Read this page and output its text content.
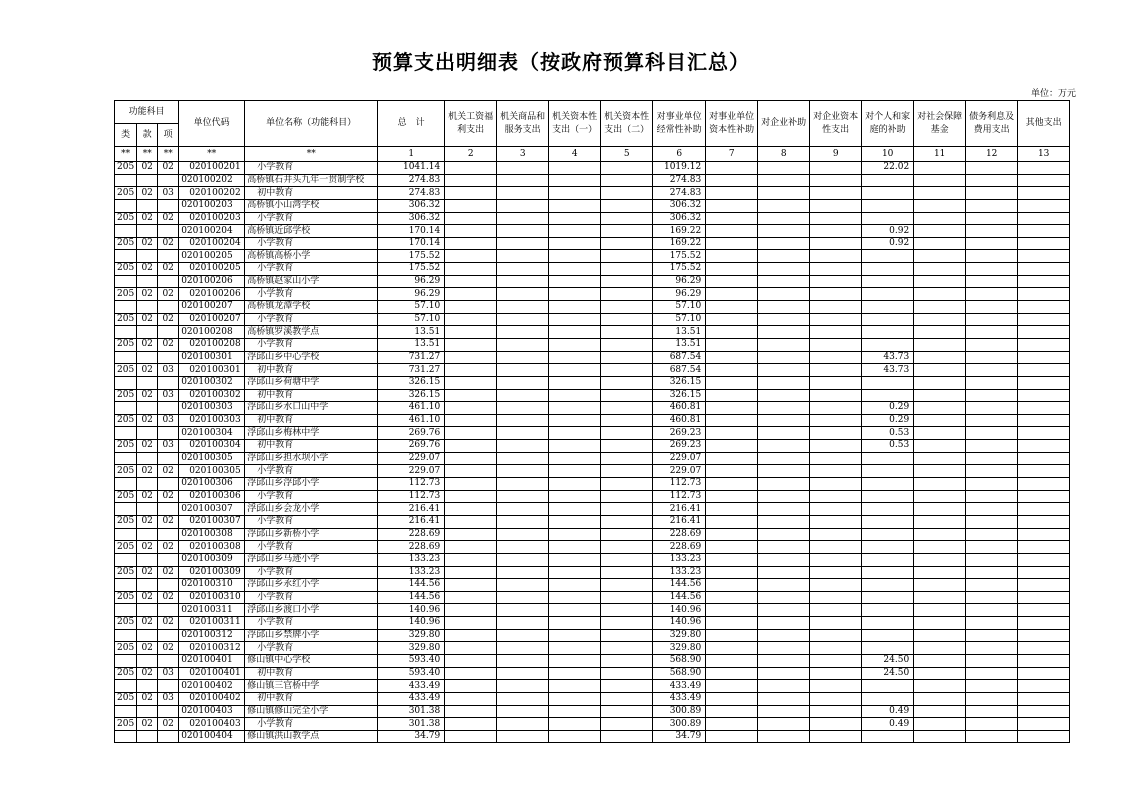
预算支出明细表（按政府预算科目汇总）
单位：万元
功能科目			单位代码	单位名称（功能科目）	总　计	机关工资福利支出	机关商品和服务支出	机关资本性支出（一）	机关资本性支出（二）	对事业单位经常性补助	对事业单位资本性补助	对企业补助	对企业资本性支出	对个人和家庭的补助	对社会保障基金	债务利息及费用支出	其他支出
类	款	项															
**	**	**	**	**	1	2	3	4	5	6	7	8	9	10	11	12	13
205	02	02	020100201	小学教育	1041.14					1019.12				22.02			
			020100202	高桥镇石井头九年一贯制学校	274.83					274.83							
205	02	03	020100202	初中教育	274.83					274.83							
			020100203	高桥镇小山湾学校	306.32					306.32							
205	02	02	020100203	小学教育	306.32					306.32							
			020100204	高桥镇近邱学校	170.14					169.22				0.92			
205	02	02	020100204	小学教育	170.14					169.22				0.92			
			020100205	高桥镇高桥小学	175.52					175.52							
205	02	02	020100205	小学教育	175.52					175.52							
			020100206	高桥镇赵家山小学	96.29					96.29							
205	02	02	020100206	小学教育	96.29					96.29							
			020100207	高桥镇龙潭学校	57.10					57.10							
205	02	02	020100207	小学教育	57.10					57.10							
			020100208	高桥镇罗溪教学点	13.51					13.51							
205	02	02	020100208	小学教育	13.51					13.51							
			020100301	浮邱山乡中心学校	731.27					687.54				43.73			
205	02	03	020100301	初中教育	731.27					687.54				43.73			
			020100302	浮邱山乡荷塘中学	326.15					326.15							
205	02	03	020100302	初中教育	326.15					326.15							
			020100303	浮邱山乡水口山中学	461.10					460.81				0.29			
205	02	03	020100303	初中教育	461.10					460.81				0.29			
			020100304	浮邱山乡梅林中学	269.76					269.23				0.53			
205	02	03	020100304	初中教育	269.76					269.23				0.53			
			020100305	浮邱山乡担水坝小学	229.07					229.07							
205	02	02	020100305	小学教育	229.07					229.07							
			020100306	浮邱山乡浮邱小学	112.73					112.73							
205	02	02	020100306	小学教育	112.73					112.73							
			020100307	浮邱山乡会龙小学	216.41					216.41							
205	02	02	020100307	小学教育	216.41					216.41							
			020100308	浮邱山乡新桥小学	228.69					228.69							
205	02	02	020100308	小学教育	228.69					228.69							
			020100309	浮邱山乡马迹小学	133.23					133.23							
205	02	02	020100309	小学教育	133.23					133.23							
			020100310	浮邱山乡永红小学	144.56					144.56							
205	02	02	020100310	小学教育	144.56					144.56							
			020100311	浮邱山乡渡口小学	140.96					140.96							
205	02	02	020100311	小学教育	140.96					140.96							
			020100312	浮邱山乡禁牌小学	329.80					329.80							
205	02	02	020100312	小学教育	329.80					329.80							
			020100401	修山镇中心学校	593.40					568.90				24.50			
205	02	03	020100401	初中教育	593.40					568.90				24.50			
			020100402	修山镇三官桥中学	433.49					433.49							
205	02	03	020100402	初中教育	433.49					433.49							
			020100403	修山镇修山完全小学	301.38					300.89				0.49			
205	02	02	020100403	小学教育	301.38					300.89				0.49			
			020100404	修山镇洪山教学点	34.79					34.79							
